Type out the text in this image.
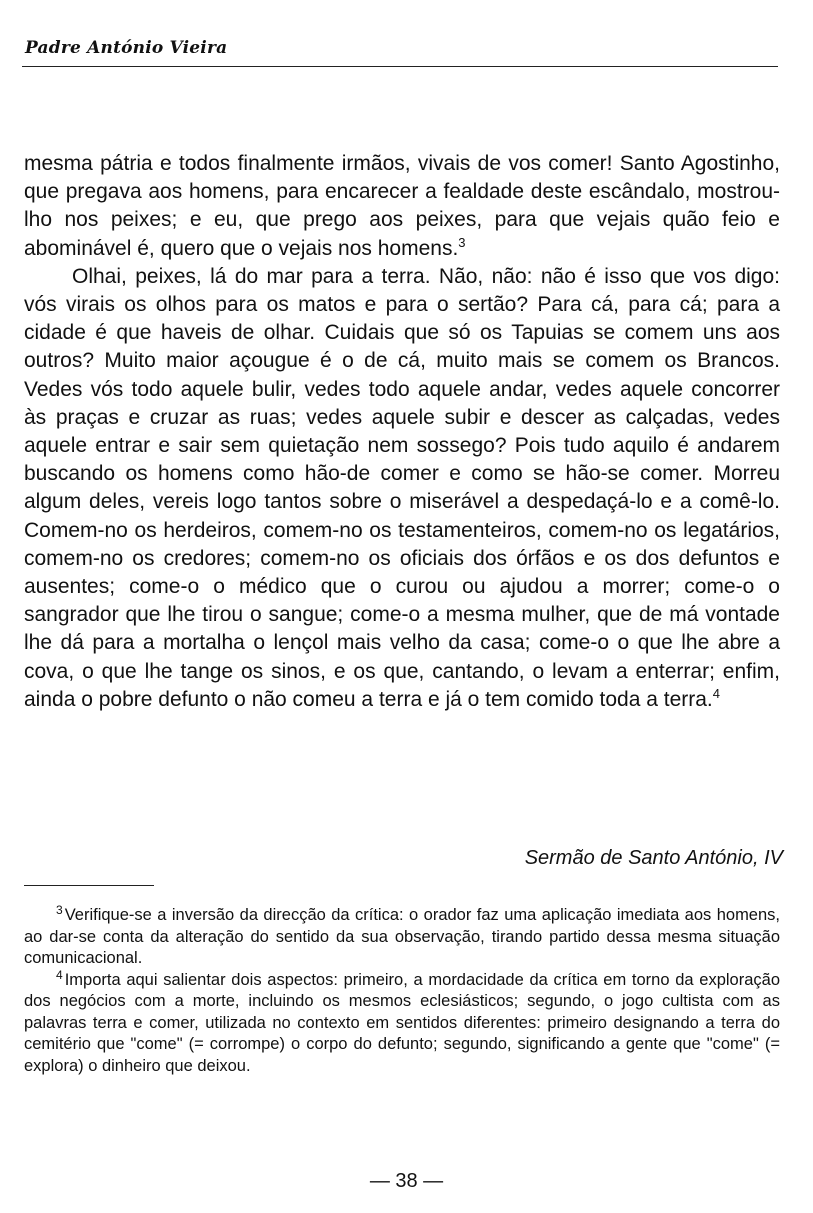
Padre António Vieira

mesma pátria e todos finalmente irmãos, vivais de vos comer! Santo Agostinho, que pregava aos homens, para encarecer a fealdade deste escândalo, mostrou-lho nos peixes; e eu, que prego aos peixes, para que vejais quão feio e abominável é, quero que o vejais nos homens.$^3$

Olhai, peixes, lá do mar para a terra. Não, não: não é isso que vos digo: vós virais os olhos para os matos e para o sertão? Para cá, para cá; para a cidade é que haveis de olhar. Cuidais que só os Tapuias se comem uns aos outros? Muito maior açougue é o de cá, muito mais se comem os Brancos. Vedes vós todo aquele bulir, vedes todo aquele andar, vedes aquele concorrer às praças e cruzar as ruas; vedes aquele subir e descer as calçadas, vedes aquele entrar e sair sem quietação nem sossego? Pois tudo aquilo é andarem buscando os homens como hão-de comer e como se hão-se comer. Morreu algum deles, vereis logo tantos sobre o miserável a despedaçá-lo e a comê-lo. Comem-no os herdeiros, comem-no os testamenteiros, comem-no os legatários, comem-no os credores; comem-no os oficiais dos órfãos e os dos defuntos e ausentes; come-o o médico que o curou ou ajudou a morrer; come-o o sangrador que lhe tirou o sangue; come-o a mesma mulher, que de má vontade lhe dá para a mortalha o lençol mais velho da casa; come-o o que lhe abre a cova, o que lhe tange os sinos, e os que, cantando, o levam a enterrar; enfim, ainda o pobre defunto o não comeu a terra e já o tem comido toda a terra.$^4$

Sermão de Santo António, IV

$^3$ Verifique-se a inversão da direcção da crítica: o orador faz uma aplicação imediata aos homens, ao dar-se conta da alteração do sentido da sua observação, tirando partido dessa mesma situação comunicacional.

$^4$ Importa aqui salientar dois aspectos: primeiro, a mordacidade da crítica em torno da exploração dos negócios com a morte, incluindo os mesmos eclesiásticos; segundo, o jogo cultista com as palavras terra e comer, utilizada no contexto em sentidos diferentes: primeiro designando a terra do cemitério que "come" (= corrompe) o corpo do defunto; segundo, significando a gente que "come" (= explora) o dinheiro que deixou.

— 38 —
